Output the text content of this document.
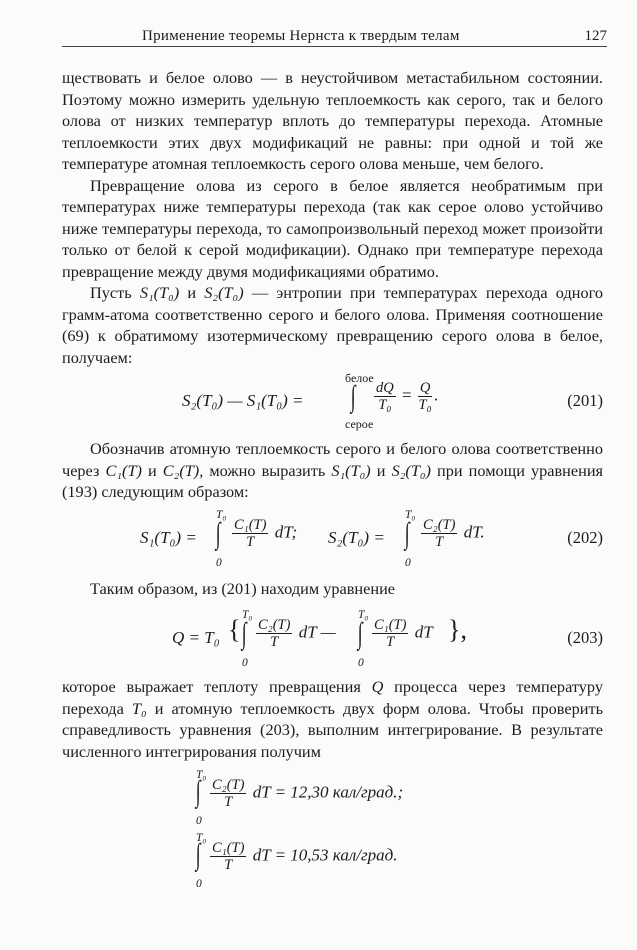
Применение теоремы Нернста к твердым телам	127

ществовать и белое олово — в неустойчивом метастабильном состоянии. Поэтому можно измерить удельную теплоемкость как серого, так и белого олова от низких температур вплоть до температуры перехода. Атомные теплоемкости этих двух модификаций не равны: при одной и той же температуре атомная теплоемкость серого олова меньше, чем белого.

Превращение олова из серого в белое является необратимым при температурах ниже температуры перехода (так как серое олово устойчиво ниже температуры перехода, то самопроизвольный переход может произойти только от белой к серой модификации). Однако при температуре перехода превращение между двумя модификациями обратимо.

Пусть S₁(T₀) и S₂(T₀) — энтропии при температурах перехода одного грамм-атома соответственно серого и белого олова. Применяя соотношение (69) к обратимому изотермическому превращению серого олова в белое, получаем:

S₂(T₀) — S₁(T₀) =
белое
∫
серое
$\frac{dQ}{\text{T₀}} = \frac{Q}{\text{T₀}}$ .	(201)

Обозначив атомную теплоемкость серого и белого олова соответственно через C₁(T) и C₂(T), можно выразить S₁(T₀) и S₂(T₀) при помощи уравнения (193) следующим образом:

S₁(T₀) =
T₀
∫
0
$\frac{\text{C₁(T)}}{T}$ dT; S₂(T₀) =
T₀
∫
0
$\frac{\text{C₂(T)}}{T}$ dT.	(202)

Таким образом, из (201) находим уравнение

Q = T₀ { T₀
∫
0
$\frac{\text{C₂(T)}}{T}$ dT —
T₀
∫
0
$\frac{\text{C₁(T)}}{T}$ dT },	(203)

которое выражает теплоту превращения Q процесса через температуру перехода T₀ и атомную теплоемкость двух форм олова. Чтобы проверить справедливость уравнения (203), выполним интегрирование. В результате численного интегрирования получим

T₀
∫
0
$\frac{\text{C₂(T)}}{T}$ dT = 12,30 кал/град.;
T₀
∫
0
$\frac{\text{C₁(T)}}{T}$ dT = 10,53 кал/град.
